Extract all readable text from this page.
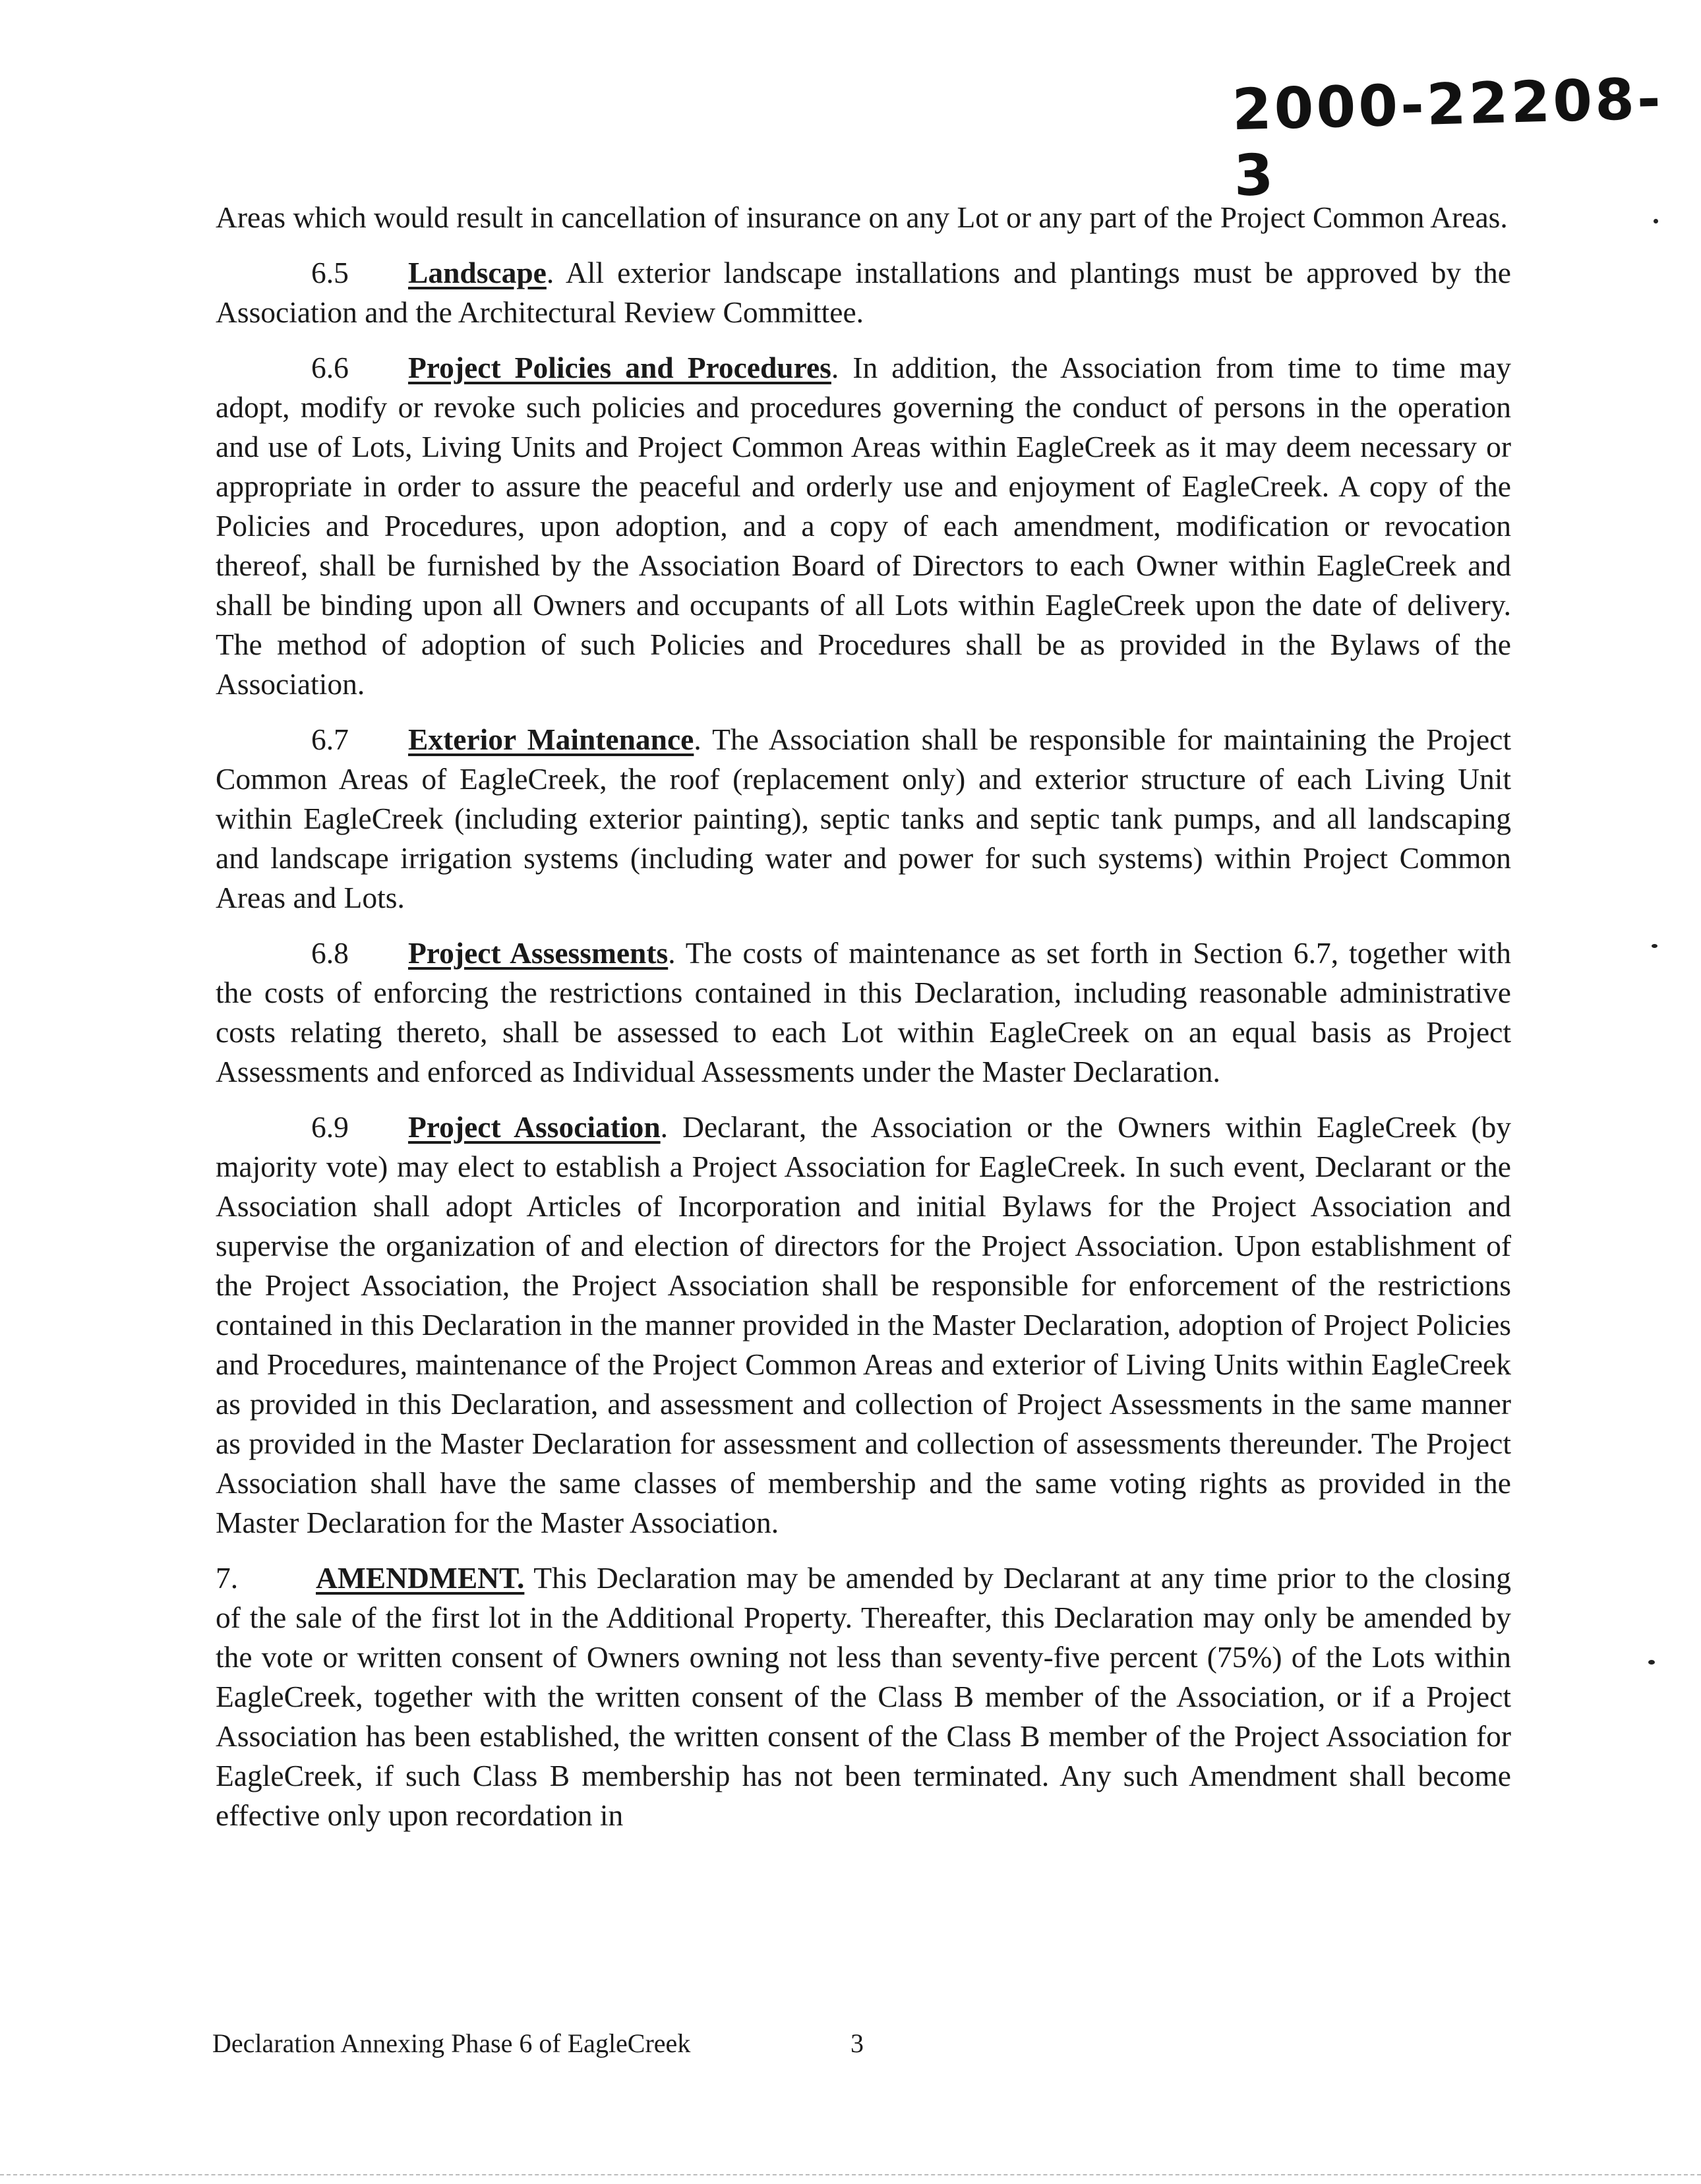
2000-22208-3

Areas which would result in cancellation of insurance on any Lot or any part of the Project Common Areas.

6.5 Landscape. All exterior landscape installations and plantings must be approved by the Association and the Architectural Review Committee.

6.6 Project Policies and Procedures. In addition, the Association from time to time may adopt, modify or revoke such policies and procedures governing the conduct of persons in the operation and use of Lots, Living Units and Project Common Areas within EagleCreek as it may deem necessary or appropriate in order to assure the peaceful and orderly use and enjoyment of EagleCreek. A copy of the Policies and Procedures, upon adoption, and a copy of each amendment, modification or revocation thereof, shall be furnished by the Association Board of Directors to each Owner within EagleCreek and shall be binding upon all Owners and occupants of all Lots within EagleCreek upon the date of delivery. The method of adoption of such Policies and Procedures shall be as provided in the Bylaws of the Association.

6.7 Exterior Maintenance. The Association shall be responsible for maintaining the Project Common Areas of EagleCreek, the roof (replacement only) and exterior structure of each Living Unit within EagleCreek (including exterior painting), septic tanks and septic tank pumps, and all landscaping and landscape irrigation systems (including water and power for such systems) within Project Common Areas and Lots.

6.8 Project Assessments. The costs of maintenance as set forth in Section 6.7, together with the costs of enforcing the restrictions contained in this Declaration, including reasonable administrative costs relating thereto, shall be assessed to each Lot within EagleCreek on an equal basis as Project Assessments and enforced as Individual Assessments under the Master Declaration.

6.9 Project Association. Declarant, the Association or the Owners within EagleCreek (by majority vote) may elect to establish a Project Association for EagleCreek. In such event, Declarant or the Association shall adopt Articles of Incorporation and initial Bylaws for the Project Association and supervise the organization of and election of directors for the Project Association. Upon establishment of the Project Association, the Project Association shall be responsible for enforcement of the restrictions contained in this Declaration in the manner provided in the Master Declaration, adoption of Project Policies and Procedures, maintenance of the Project Common Areas and exterior of Living Units within EagleCreek as provided in this Declaration, and assessment and collection of Project Assessments in the same manner as provided in the Master Declaration for assessment and collection of assessments thereunder. The Project Association shall have the same classes of membership and the same voting rights as provided in the Master Declaration for the Master Association.

7.	AMENDMENT. This Declaration may be amended by Declarant at any time prior to the closing of the sale of the first lot in the Additional Property. Thereafter, this Declaration may only be amended by the vote or written consent of Owners owning not less than seventy-five percent (75%) of the Lots within EagleCreek, together with the written consent of the Class B member of the Association, or if a Project Association has been established, the written consent of the Class B member of the Project Association for EagleCreek, if such Class B membership has not been terminated. Any such Amendment shall become effective only upon recordation in

Declaration Annexing Phase 6 of EagleCreek	3
